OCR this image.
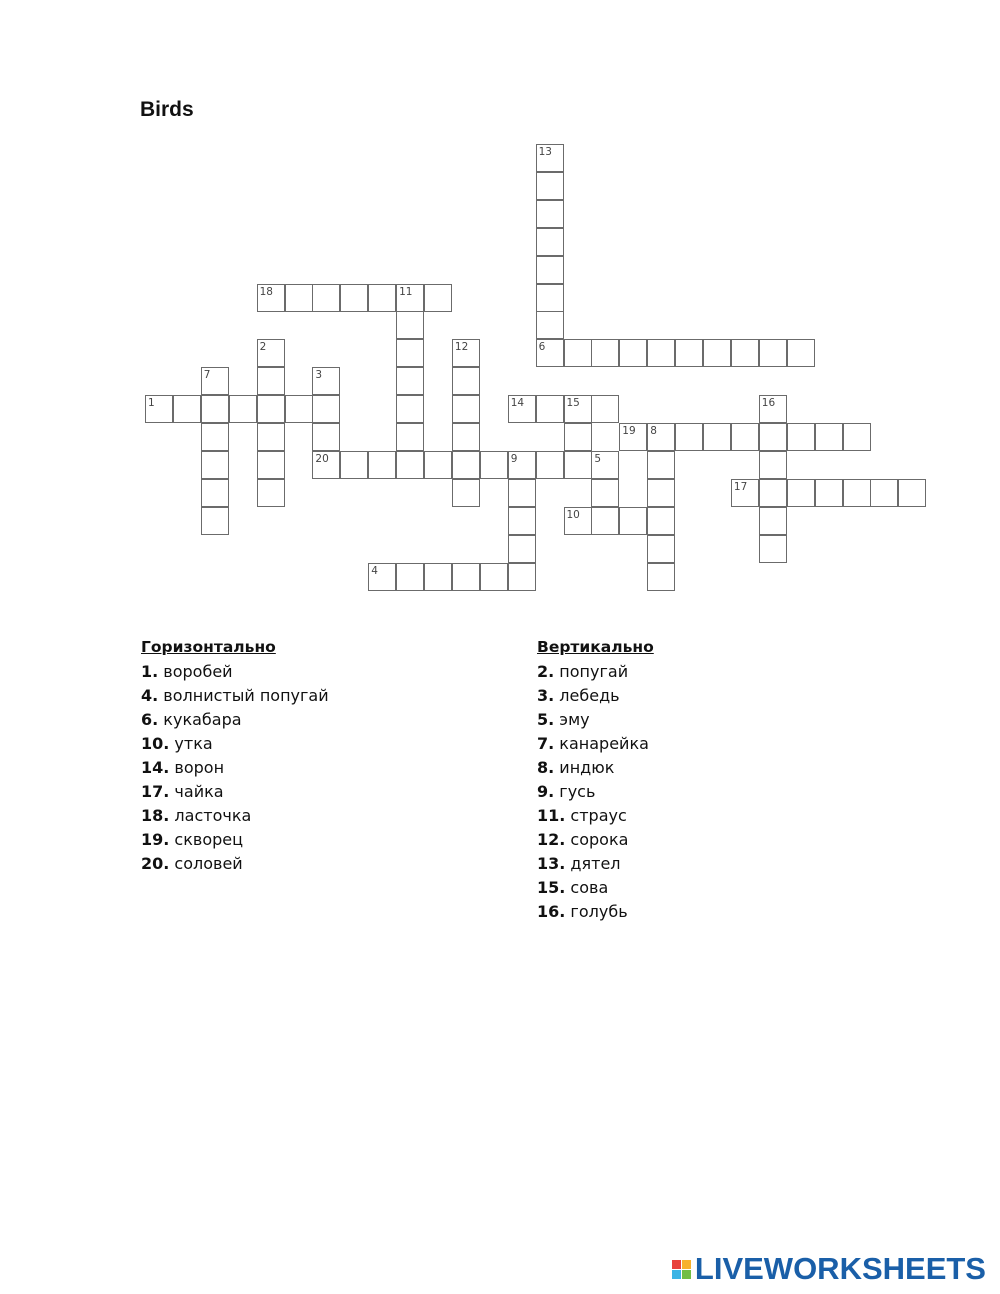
Birds
13
6
18	11
2	12
7	3
1	14	15	16
19 8
20	9	5
17
10
4
Горизонтально
1. воробей
4. волнистый попугай
6. кукабара
10. утка
14. ворон
17. чайка
18. ласточка
19. скворец
20. соловей
Вертикально
2. попугай
3. лебедь
5. эму
7. канарейка
8. индюк
9. гусь
11. страус
12. сорока
13. дятел
15. сова
16. голубь
LIVEWORKSHEETS
